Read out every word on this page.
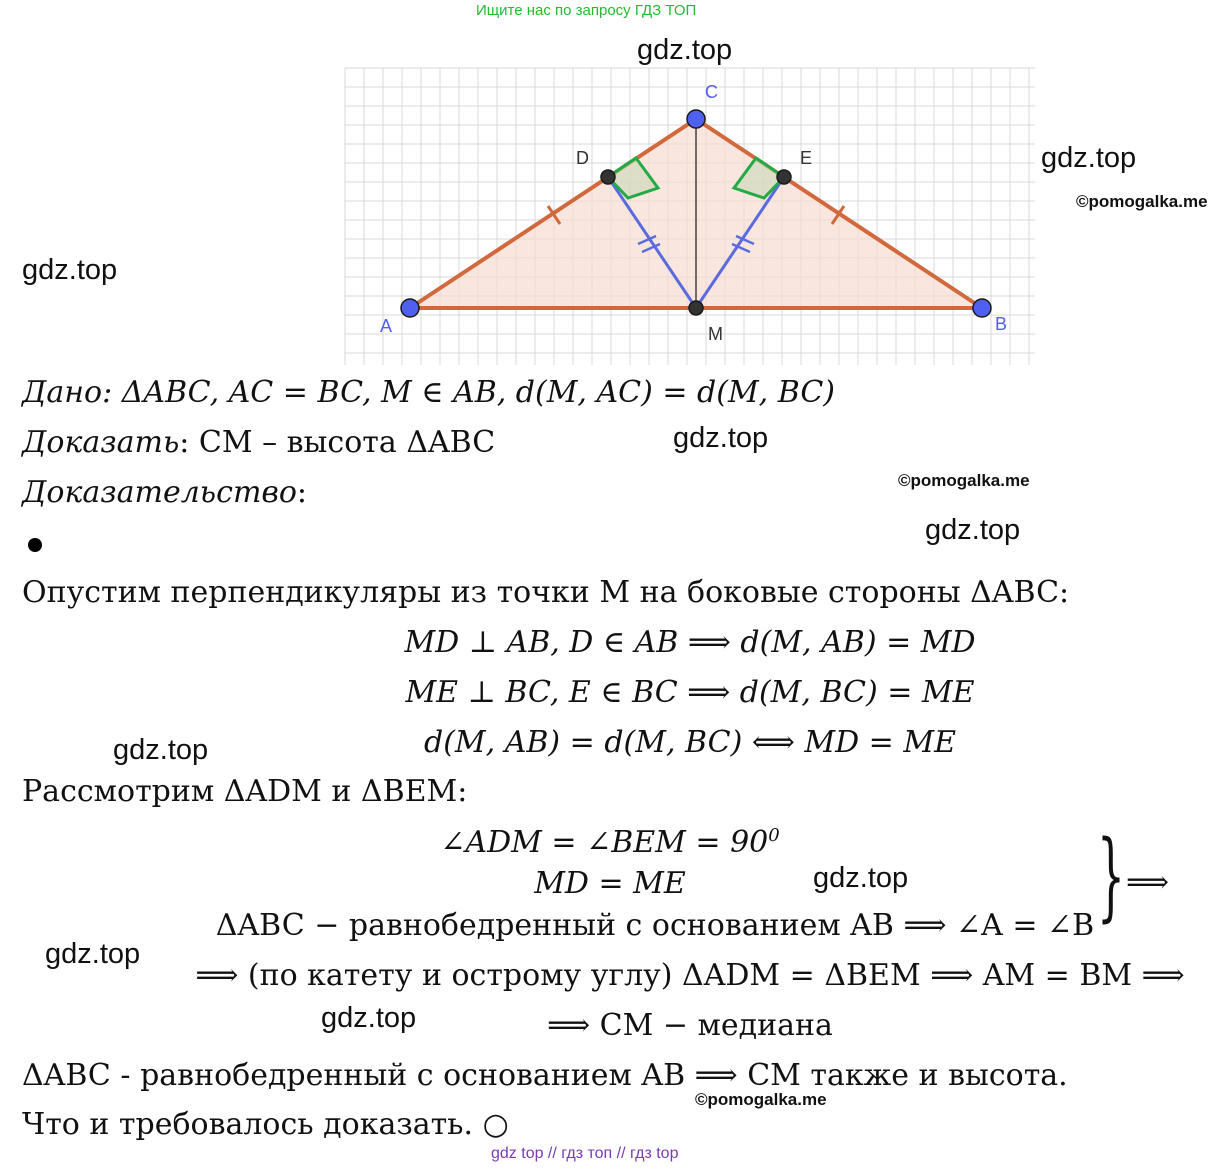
Ищите нас по запросу ГДЗ ТОП
A	B
C
D	E
M
gdz.top
gdz.top
©pomogalka.me
gdz.top
gdz.top
©pomogalka.me
gdz.top
gdz.top
gdz.top
gdz.top
gdz.top
©pomogalka.me
Дано: ΔABC, AC = BC, M ∈ AB, d(M, AC) = d(M, BC)
Доказать: CM – высота ΔABC
Доказательство:
Опустим перпендикуляры из точки M на боковые стороны ΔABC:
MD ⊥ AB, D ∈ AB ⟹ d(M, AB) = MD
ME ⊥ BC, E ∈ BC ⟹ d(M, BC) = ME
d(M, AB) = d(M, BC) ⟺ MD = ME
Рассмотрим ΔADM и ΔBEM:
∠ADM = ∠BEM = $90^0$
MD = ME
ΔABC − равнобедренный с основанием AB ⟹ ∠A = ∠B } ⟹
⟹ (по катету и острому углу) ΔADM = ΔBEM ⟹ AM = BM ⟹
⟹ CM − медиана
ΔABC - равнобедренный с основанием AB ⟹ CM также и высота.
Что и требовалось доказать. ○
gdz top // гдз топ // гдз top
